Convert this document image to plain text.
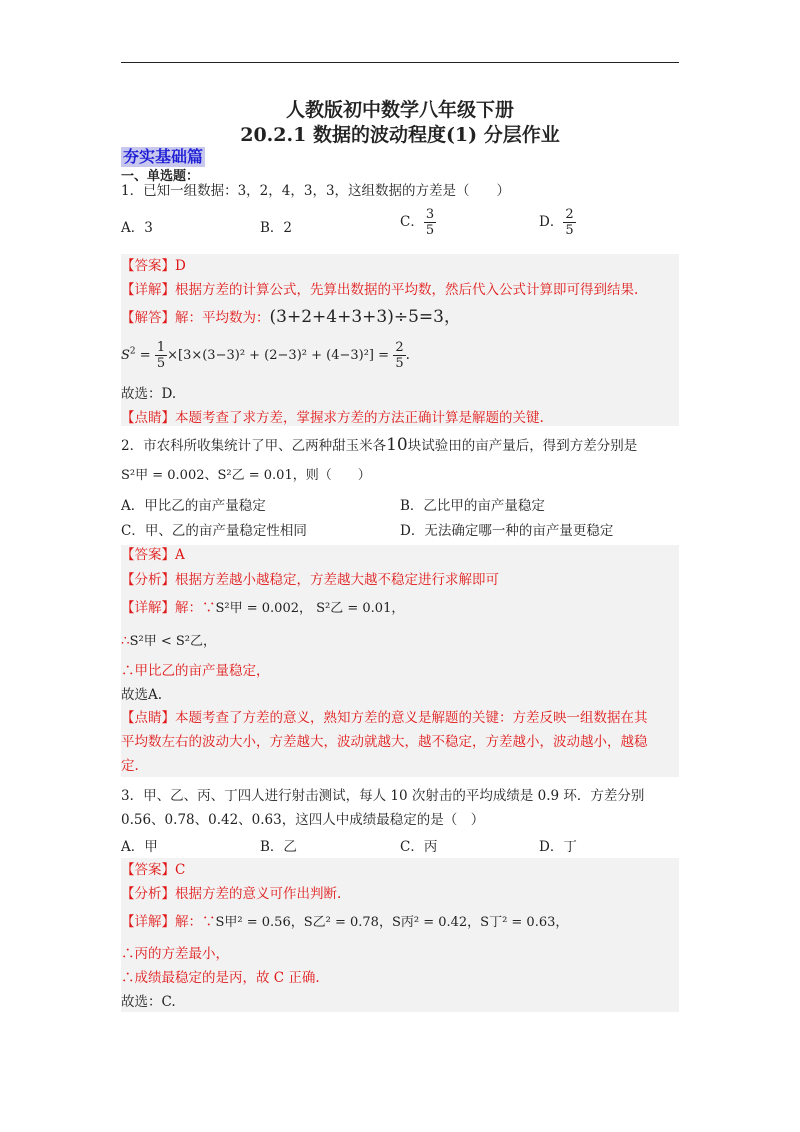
人教版初中数学八年级下册
20.2.1 数据的波动程度(1) 分层作业
夯实基础篇
一、单选题：
1．已知一组数据：3，2，4，3，3，这组数据的方差是（　　）
A．3	B．2	C． $\frac{3}{5}$	D． $\frac{2}{5}$
【答案】D
【详解】根据方差的计算公式，先算出数据的平均数，然后代入公式计算即可得到结果.
【解答】解：平均数为：(3+2+4+3+3)÷5=3，
$S^2 = \frac{1}{5} \times[3\times(3-3)^2 + (2-3)^2 + (4-3)^2] = \frac{2}{5}$ .
故选：D.
【点睛】本题考查了求方差，掌握求方差的方法正确计算是解题的关键.
2．市农科所收集统计了甲、乙两种甜玉米各10块试验田的亩产量后，得到方差分别是
S²甲 = 0.002、S²乙 = 0.01，则（　　）
A．甲比乙的亩产量稳定	B．乙比甲的亩产量稳定
C．甲、乙的亩产量稳定性相同	D．无法确定哪一种的亩产量更稳定
【答案】A
【分析】根据方差越小越稳定，方差越大越不稳定进行求解即可
【详解】解：∵S²甲 = 0.002， S²乙 = 0.01，
∴S²甲 < S²乙，
∴甲比乙的亩产量稳定，
故选A.
【点睛】本题考查了方差的意义，熟知方差的意义是解题的关键：方差反映一组数据在其
平均数左右的波动大小，方差越大，波动就越大，越不稳定，方差越小，波动越小，越稳
定.
3．甲、乙、丙、丁四人进行射击测试，每人 10 次射击的平均成绩是 0.9 环．方差分别
0.56、0.78、0.42、0.63，这四人中成绩最稳定的是（　）
A．甲	B．乙	C．丙	D．丁
【答案】C
【分析】根据方差的意义可作出判断.
【详解】解：∵S甲² = 0.56，S乙² = 0.78，S丙² = 0.42，S丁² = 0.63，
∴丙的方差最小，
∴成绩最稳定的是丙，故 C 正确.
故选：C.
